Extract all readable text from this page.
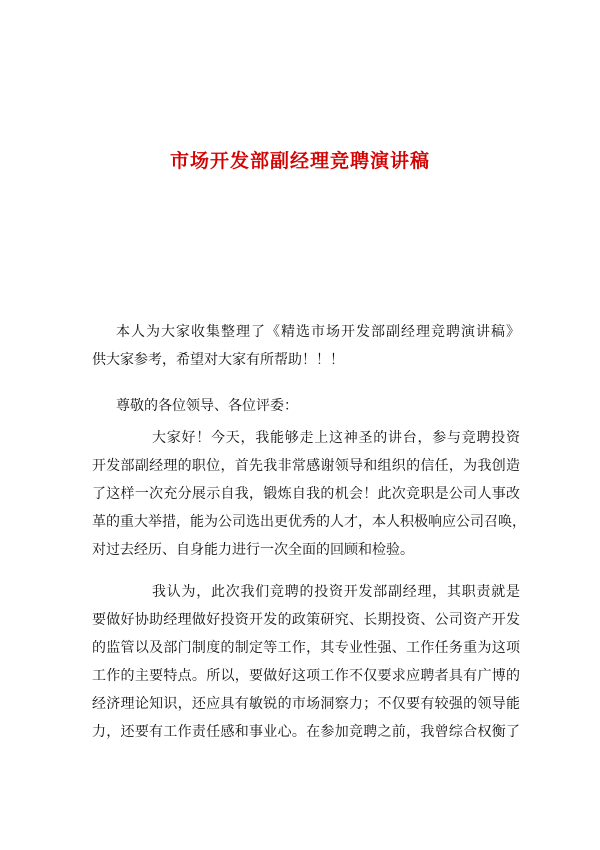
市场开发部副经理竞聘演讲稿
本人为大家收集整理了《精选市场开发部副经理竞聘演讲稿》
供大家参考，希望对大家有所帮助！！！
尊敬的各位领导、各位评委：
大家好！今天，我能够走上这神圣的讲台，参与竞聘投资
开发部副经理的职位，首先我非常感谢领导和组织的信任，为我创造
了这样一次充分展示自我，锻炼自我的机会！此次竞职是公司人事改
革的重大举措，能为公司选出更优秀的人才，本人积极响应公司召唤，
对过去经历、自身能力进行一次全面的回顾和检验。
我认为，此次我们竞聘的投资开发部副经理，其职责就是
要做好协助经理做好投资开发的政策研究、长期投资、公司资产开发
的监管以及部门制度的制定等工作，其专业性强、工作任务重为这项
工作的主要特点。所以，要做好这项工作不仅要求应聘者具有广博的
经济理论知识，还应具有敏锐的市场洞察力；不仅要有较强的领导能
力，还要有工作责任感和事业心。在参加竞聘之前，我曾综合权衡了
